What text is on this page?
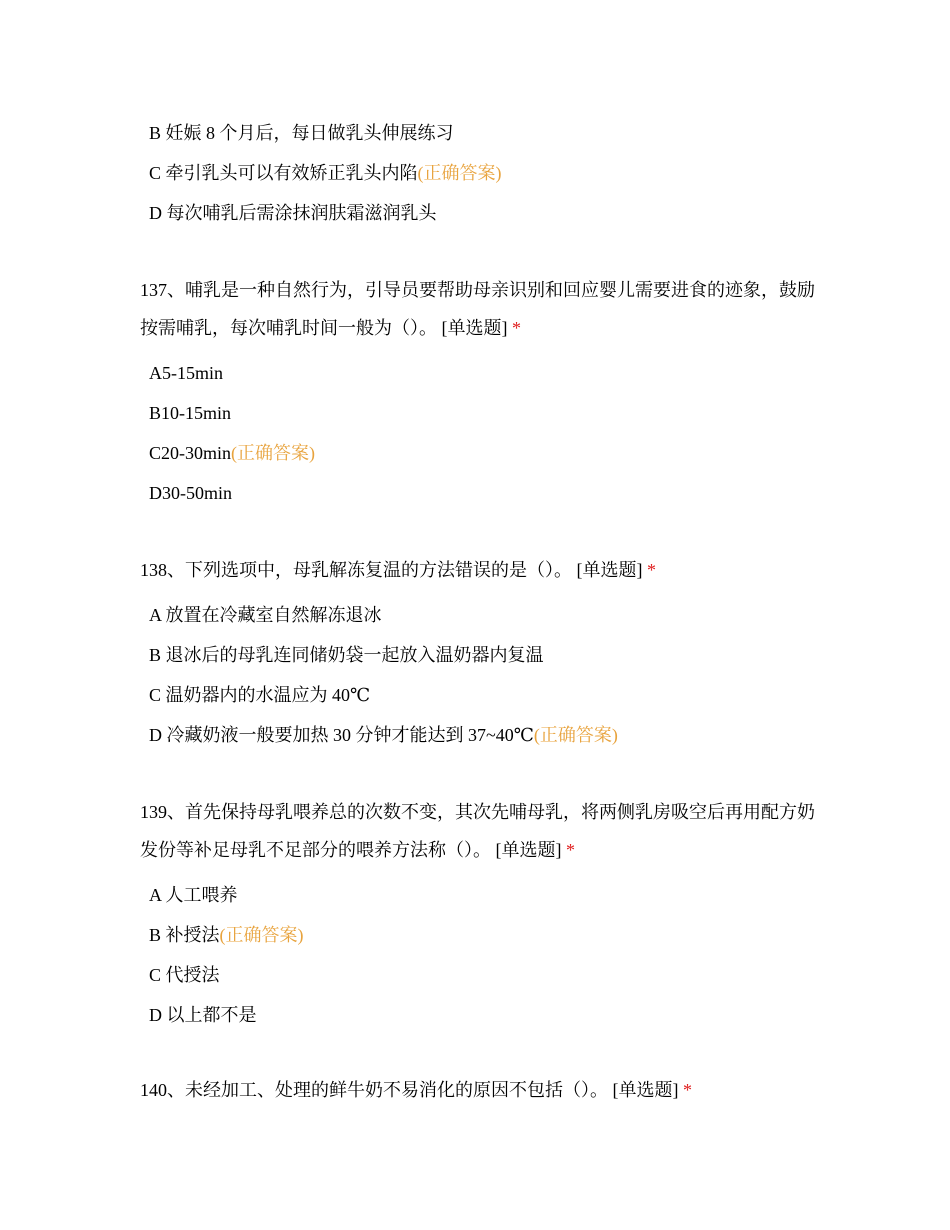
B 妊娠 8 个月后，每日做乳头伸展练习
C 牵引乳头可以有效矫正乳头内陷(正确答案)
D 每次哺乳后需涂抹润肤霜滋润乳头
137、哺乳是一种自然行为，引导员要帮助母亲识别和回应婴儿需要进食的迹象，鼓励按需哺乳，每次哺乳时间一般为（）。 [单选题] *
A5-15min
B10-15min
C20-30min(正确答案)
D30-50min
138、下列选项中，母乳解冻复温的方法错误的是（）。 [单选题] *
A 放置在冷藏室自然解冻退冰
B 退冰后的母乳连同储奶袋一起放入温奶器内复温
C 温奶器内的水温应为 40℃
D 冷藏奶液一般要加热 30 分钟才能达到 37~40℃(正确答案)
139、首先保持母乳喂养总的次数不变，其次先哺母乳，将两侧乳房吸空后再用配方奶发份等补足母乳不足部分的喂养方法称（）。 [单选题] *
A 人工喂养
B 补授法(正确答案)
C 代授法
D 以上都不是
140、未经加工、处理的鲜牛奶不易消化的原因不包括（）。 [单选题] *
